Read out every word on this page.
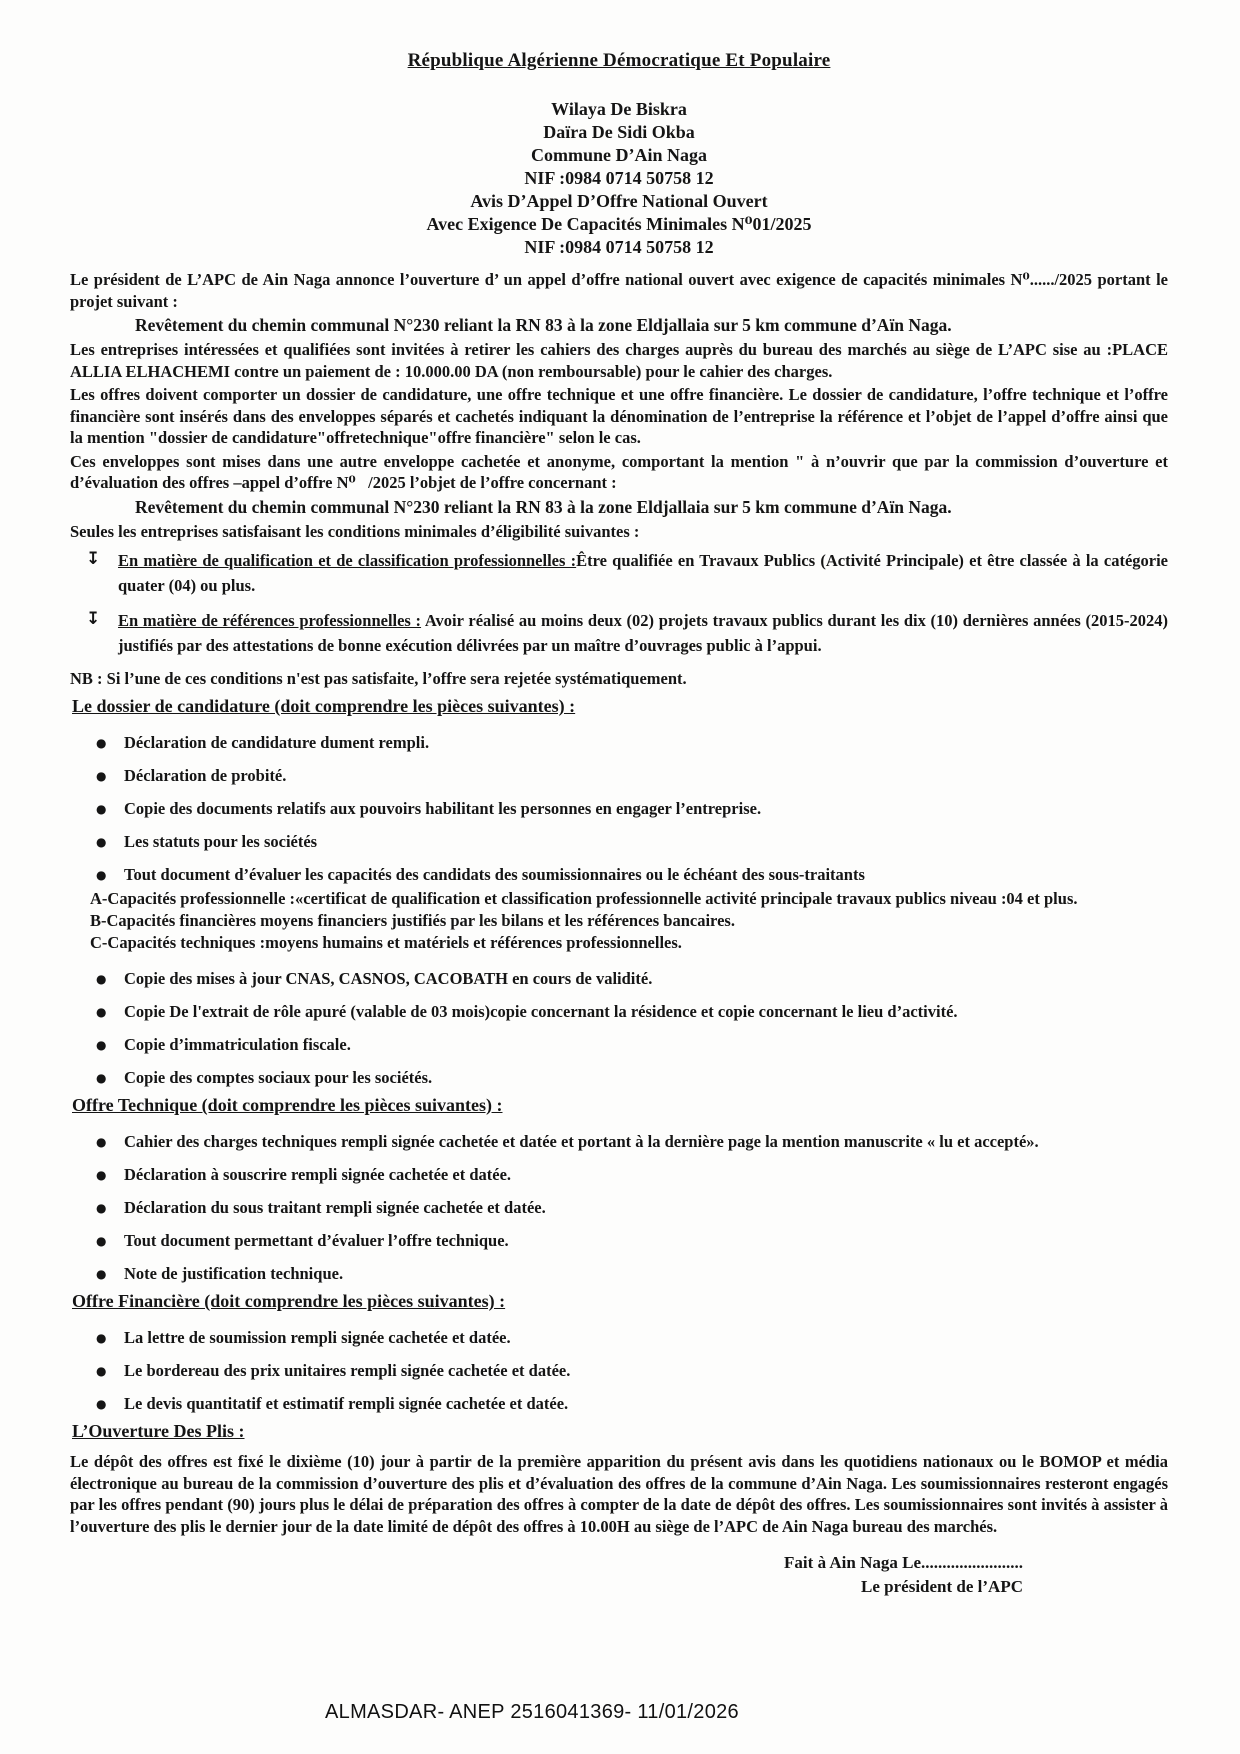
République Algérienne Démocratique Et Populaire
Wilaya De Biskra
Daïra De Sidi Okba
Commune D’Ain Naga
NIF :0984 0714 50758 12
Avis D’Appel D’Offre National Ouvert
Avec Exigence De Capacités Minimales N⁰01/2025
NIF :0984 0714 50758 12

Le président de L’APC de Ain Naga annonce l’ouverture d’ un appel d’offre national ouvert avec exigence de capacités minimales N⁰....../2025 portant le projet suivant :

Revêtement du chemin communal N°230 reliant la RN 83 à la zone Eldjallaia sur 5 km commune d’Aïn Naga.

Les entreprises intéressées et qualifiées sont invitées à retirer les cahiers des charges auprès du bureau des marchés au siège de L’APC sise au :PLACE ALLIA ELHACHEMI contre un paiement de : 10.000.00 DA (non remboursable) pour le cahier des charges.

Les offres doivent comporter un dossier de candidature, une offre technique et une offre financière. Le dossier de candidature, l’offre technique et l’offre financière sont insérés dans des enveloppes séparés et cachetés indiquant la dénomination de l’entreprise la référence et l’objet de l’appel d’offre ainsi que la mention "dossier de candidature"offretechnique"offre financière" selon le cas.

Ces enveloppes sont mises dans une autre enveloppe cachetée et anonyme, comportant la mention " à n’ouvrir que par la commission d’ouverture et d’évaluation des offres –appel d’offre N⁰   /2025 l’objet de l’offre concernant :

Revêtement du chemin communal N°230 reliant la RN 83 à la zone Eldjallaia sur 5 km commune d’Aïn Naga.

Seules les entreprises satisfaisant les conditions minimales d’éligibilité suivantes :

↧	En matière de qualification et de classification professionnelles :Être qualifiée en Travaux Publics (Activité Principale) et être classée à la catégorie quater (04) ou plus.
↧	En matière de références professionnelles : Avoir réalisé au moins deux (02) projets travaux publics durant les dix (10) dernières années (2015-2024) justifiés par des attestations de bonne exécution délivrées par un maître d’ouvrages public à l’appui.
NB : Si l’une de ces conditions n'est pas satisfaite, l’offre sera rejetée systématiquement.
Le dossier de candidature (doit comprendre les pièces suivantes) :
●	Déclaration de candidature dument rempli.
●	Déclaration de probité.
●	Copie des documents relatifs aux pouvoirs habilitant les personnes en engager l’entreprise.
●	Les statuts pour les sociétés
●	Tout document d’évaluer les capacités des candidats des soumissionnaires ou le échéant des sous-traitants
A-Capacités professionnelle :«certificat de qualification et classification professionnelle activité principale travaux publics niveau :04 et plus.
B-Capacités financières moyens financiers justifiés par les bilans et les références bancaires.
C-Capacités techniques :moyens humains et matériels et références professionnelles.
●	Copie des mises à jour CNAS, CASNOS, CACOBATH en cours de validité.
●	Copie De l'extrait de rôle apuré (valable de 03 mois)copie concernant la résidence et copie concernant le lieu d’activité.
●	Copie d’immatriculation fiscale.
●	Copie des comptes sociaux pour les sociétés.
Offre Technique (doit comprendre les pièces suivantes) :
●	Cahier des charges techniques rempli signée cachetée et datée et portant à la dernière page la mention manuscrite « lu et accepté».
●	Déclaration à souscrire rempli signée cachetée et datée.
●	Déclaration du sous traitant rempli signée cachetée et datée.
●	Tout document permettant d’évaluer l’offre technique.
●	Note de justification technique.
Offre Financière (doit comprendre les pièces suivantes) :
●	La lettre de soumission rempli signée cachetée et datée.
●	Le bordereau des prix unitaires rempli signée cachetée et datée.
●	Le devis quantitatif et estimatif rempli signée cachetée et datée.
L’Ouverture Des Plis :

Le dépôt des offres est fixé le dixième (10) jour à partir de la première apparition du présent avis dans les quotidiens nationaux ou le BOMOP et média électronique au bureau de la commission d’ouverture des plis et d’évaluation des offres de la commune d’Ain Naga. Les soumissionnaires resteront engagés par les offres pendant (90) jours plus le délai de préparation des offres à compter de la date de dépôt des offres. Les soumissionnaires sont invités à assister à l’ouverture des plis le dernier jour de la date limité de dépôt des offres à 10.00H au siège de l’APC de Ain Naga bureau des marchés.

Fait à Ain Naga Le........................
Le président de l’APC
ALMASDAR- ANEP 2516041369- 11/01/2026
